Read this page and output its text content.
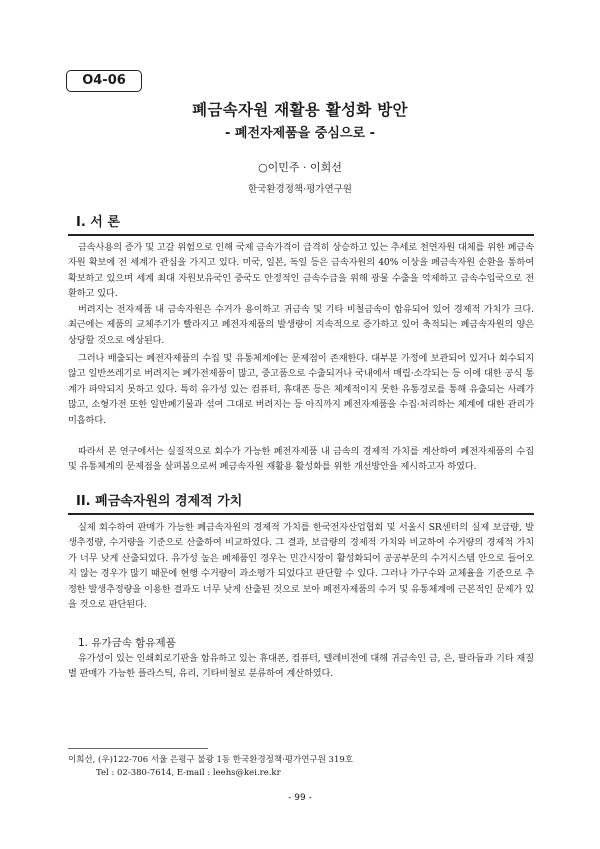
O4-06
폐금속자원 재활용 활성화 방안
- 폐전자제품을 중심으로 -
○이민주 · 이희선
한국환경정책·평가연구원
I. 서 론

금속사용의 증가 및 고갈 위험으로 인해 국제 금속가격이 급격히 상승하고 있는 추세로 천연자원 대체를 위한 폐금속자원 확보에 전 세계가 관심을 가지고 있다. 미국, 일본, 독일 등은 금속자원의 40% 이상을 폐금속자원 순환을 통하여 확보하고 있으며 세계 최대 자원보유국인 중국도 안정적인 금속수급을 위해 광물 수출을 억제하고 금속수입국으로 전환하고 있다.

버려지는 전자제품 내 금속자원은 수거가 용이하고 귀금속 및 기타 비철금속이 함유되어 있어 경제적 가치가 크다. 최근에는 제품의 교체주기가 빨라지고 폐전자제품의 발생량이 지속적으로 증가하고 있어 축적되는 폐금속자원의 양은 상당할 것으로 예상된다.

그러나 배출되는 폐전자제품의 수집 및 유통체계에는 문제점이 존재한다. 대부분 가정에 보관되어 있거나 회수되지 않고 일반쓰레기로 버려지는 폐가전제품이 많고, 중고품으로 수출되거나 국내에서 매립·소각되는 등 이에 대한 공식 통계가 파악되지 못하고 있다. 특히 유가성 있는 컴퓨터, 휴대폰 등은 체계적이지 못한 유통경로를 통해 유출되는 사례가 많고, 소형가전 또한 일반폐기물과 섞여 그대로 버려지는 등 아직까지 폐전자제품을 수집·처리하는 체계에 대한 관리가 미흡하다.

따라서 본 연구에서는 실질적으로 회수가 가능한 폐전자제품 내 금속의 경제적 가치를 계산하여 폐전자제품의 수집 및 유통체계의 문제점을 살펴봄으로써 폐금속자원 재활용 활성화를 위한 개선방안을 제시하고자 하였다.

II. 폐금속자원의 경제적 가치

실제 회수하여 판매가 가능한 폐금속자원의 경제적 가치를 한국전자산업협회 및 서울시 SR센터의 실제 보급량, 발생추정량, 수거량을 기준으로 산출하여 비교하였다. 그 결과, 보급량의 경제적 가치와 비교하여 수거량의 경제적 가치가 너무 낮게 산출되었다. 유가성 높은 폐제품인 경우는 민간시장이 활성화되어 공공부문의 수거시스템 안으로 들어오지 않는 경우가 많기 때문에 현행 수거량이 과소평가 되었다고 판단할 수 있다. 그러나 가구수와 교체율을 기준으로 추정한 발생추정량을 이용한 결과도 너무 낮게 산출된 것으로 보아 폐전자제품의 수거 및 유통체계에 근본적인 문제가 있을 것으로 판단된다.

1. 유가금속 함유제품

유가성이 있는 인쇄회로기판을 함유하고 있는 휴대폰, 컴퓨터, 텔레비전에 대해 귀금속인 금, 은, 팔라듐과 기타 재질별 판매가 가능한 플라스틱, 유리, 기타비철로 분류하여 계산하였다.

이희선, (우)122-706 서울 은평구 불광 1동 한국환경정책·평가연구원 319호
Tel : 02-380-7614, E-mail : leehs@kei.re.kr
- 99 -
